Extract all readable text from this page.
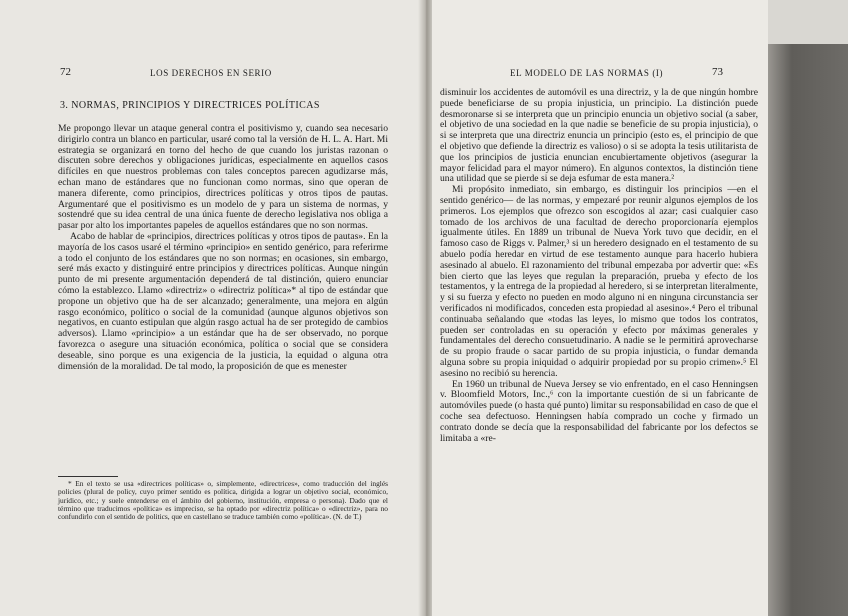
72	LOS DERECHOS EN SERIO
3. NORMAS, PRINCIPIOS Y DIRECTRICES POLÍTICAS

Me propongo llevar un ataque general contra el positivismo y, cuando sea necesario dirigirlo contra un blanco en particular, usaré como tal la versión de H. L. A. Hart. Mi estrategia se organizará en torno del hecho de que cuando los juristas razonan o discuten sobre derechos y obligaciones jurídicas, especialmente en aquellos casos difíciles en que nuestros problemas con tales conceptos parecen agudizarse más, echan mano de estándares que no funcionan como normas, sino que operan de manera diferente, como principios, directrices políticas y otros tipos de pautas. Argumentaré que el positivismo es un modelo de y para un sistema de normas, y sostendré que su idea central de una única fuente de derecho legislativa nos obliga a pasar por alto los importantes papeles de aquellos estándares que no son normas.

Acabo de hablar de «principios, directrices políticas y otros tipos de pautas». En la mayoría de los casos usaré el término «principio» en sentido genérico, para referirme a todo el conjunto de los estándares que no son normas; en ocasiones, sin embargo, seré más exacto y distinguiré entre principios y directrices políticas. Aunque ningún punto de mi presente argumentación dependerá de tal distinción, quiero enunciar cómo la establezco. Llamo «directriz» o «directriz política»* al tipo de estándar que propone un objetivo que ha de ser alcanzado; generalmente, una mejora en algún rasgo económico, político o social de la comunidad (aunque algunos objetivos son negativos, en cuanto estipulan que algún rasgo actual ha de ser protegido de cambios adversos). Llamo «principio» a un estándar que ha de ser observado, no porque favorezca o asegure una situación económica, política o social que se considera deseable, sino porque es una exigencia de la justicia, la equidad o alguna otra dimensión de la moralidad. De tal modo, la proposición de que es menester

* En el texto se usa «directrices políticas» o, simplemente, «directrices», como traducción del inglés policies (plural de policy, cuyo primer sentido es política, dirigida a lograr un objetivo social, económico, jurídico, etc.; y suele entenderse en el ámbito del gobierno, institución, empresa o persona). Dado que el término que traducimos «política» es impreciso, se ha optado por «directriz política» o «directriz», para no confundirlo con el sentido de politics, que en castellano se traduce también como «política». (N. de T.)

EL MODELO DE LAS NORMAS (I)	73

disminuir los accidentes de automóvil es una directriz, y la de que ningún hombre puede beneficiarse de su propia injusticia, un principio. La distinción puede desmoronarse si se interpreta que un principio enuncia un objetivo social (a saber, el objetivo de una sociedad en la que nadie se beneficie de su propia injusticia), o si se interpreta que una directriz enuncia un principio (esto es, el principio de que el objetivo que defiende la directriz es valioso) o si se adopta la tesis utilitarista de que los principios de justicia enuncian encubiertamente objetivos (asegurar la mayor felicidad para el mayor número). En algunos contextos, la distinción tiene una utilidad que se pierde si se deja esfumar de esta manera.²

Mi propósito inmediato, sin embargo, es distinguir los principios —en el sentido genérico— de las normas, y empezaré por reunir algunos ejemplos de los primeros. Los ejemplos que ofrezco son escogidos al azar; casi cualquier caso tomado de los archivos de una facultad de derecho proporcionaría ejemplos igualmente útiles. En 1889 un tribunal de Nueva York tuvo que decidir, en el famoso caso de Riggs v. Palmer,³ si un heredero designado en el testamento de su abuelo podía heredar en virtud de ese testamento aunque para hacerlo hubiera asesinado al abuelo. El razonamiento del tribunal empezaba por advertir que: «Es bien cierto que las leyes que regulan la preparación, prueba y efecto de los testamentos, y la entrega de la propiedad al heredero, si se interpretan literalmente, y si su fuerza y efecto no pueden en modo alguno ni en ninguna circunstancia ser verificados ni modificados, conceden esta propiedad al asesino».⁴ Pero el tribunal continuaba señalando que «todas las leyes, lo mismo que todos los contratos, pueden ser controladas en su operación y efecto por máximas generales y fundamentales del derecho consuetudinario. A nadie se le permitirá aprovecharse de su propio fraude o sacar partido de su propia injusticia, o fundar demanda alguna sobre su propia iniquidad o adquirir propiedad por su propio crimen».⁵ El asesino no recibió su herencia.

En 1960 un tribunal de Nueva Jersey se vio enfrentado, en el caso Henningsen v. Bloomfield Motors, Inc.,⁶ con la importante cuestión de si un fabricante de automóviles puede (o hasta qué punto) limitar su responsabilidad en caso de que el coche sea defectuoso. Henningsen había comprado un coche y firmado un contrato donde se decía que la responsabilidad del fabricante por los defectos se limitaba a «re-
